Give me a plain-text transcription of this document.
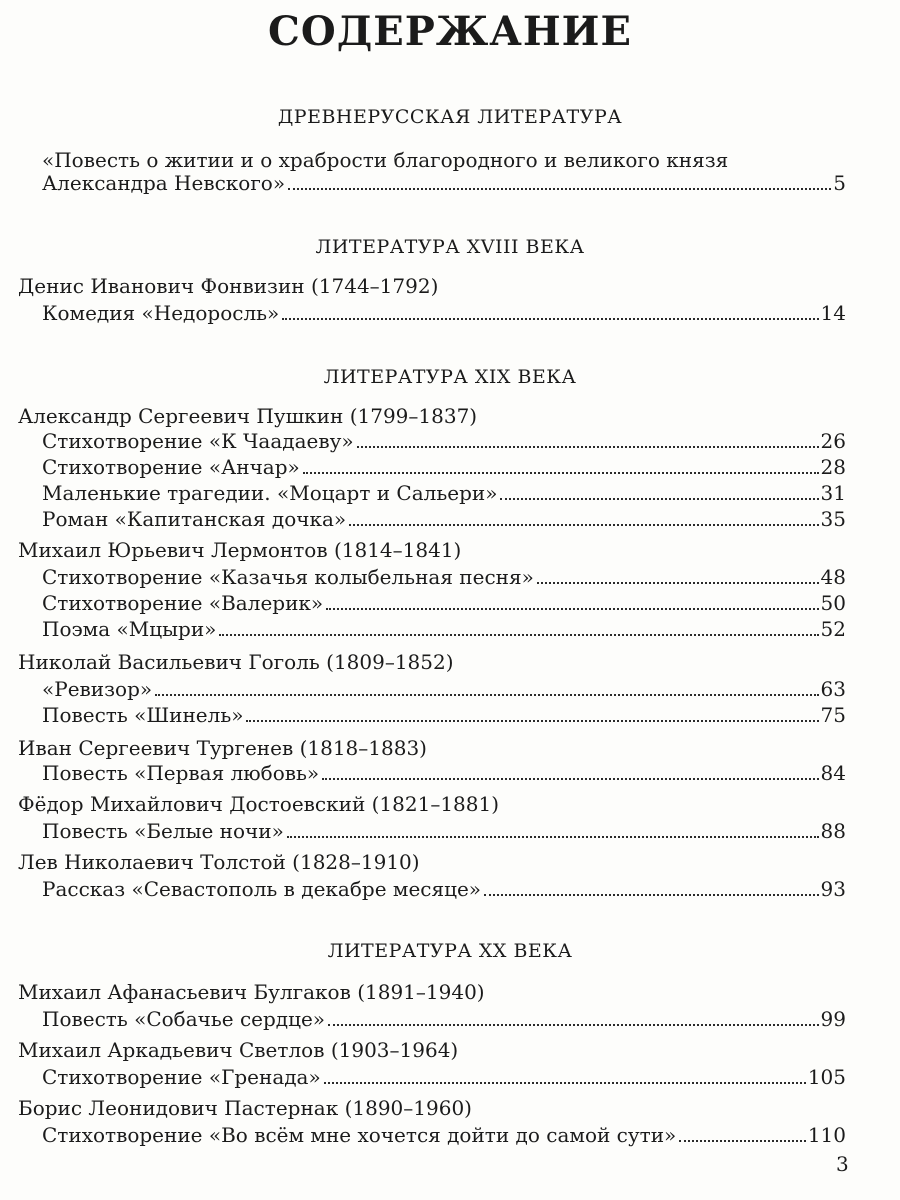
СОДЕРЖАНИЕ
ДРЕВНЕРУССКАЯ ЛИТЕРАТУРА
«Повесть о житии и о храбрости благородного и великого князя
Александра Невского»	5
ЛИТЕРАТУРА XVIII ВЕКА
Денис Иванович Фонвизин (1744–1792)
Комедия «Недоросль»	14
ЛИТЕРАТУРА XIX ВЕКА
Александр Сергеевич Пушкин (1799–1837)
Стихотворение «К Чаадаеву»	26
Стихотворение «Анчар»	28
Маленькие трагедии. «Моцарт и Сальери»	31
Роман «Капитанская дочка»	35
Михаил Юрьевич Лермонтов (1814–1841)
Стихотворение «Казачья колыбельная песня»	48
Стихотворение «Валерик»	50
Поэма «Мцыри»	52
Николай Васильевич Гоголь (1809–1852)
«Ревизор»	63
Повесть «Шинель»	75
Иван Сергеевич Тургенев (1818–1883)
Повесть «Первая любовь»	84
Фёдор Михайлович Достоевский (1821–1881)
Повесть «Белые ночи»	88
Лев Николаевич Толстой (1828–1910)
Рассказ «Севастополь в декабре месяце»	93
ЛИТЕРАТУРА XX ВЕКА
Михаил Афанасьевич Булгаков (1891–1940)
Повесть «Собачье сердце»	99
Михаил Аркадьевич Светлов (1903–1964)
Стихотворение «Гренада»	105
Борис Леонидович Пастернак (1890–1960)
Стихотворение «Во всём мне хочется дойти до самой сути»	110
3
